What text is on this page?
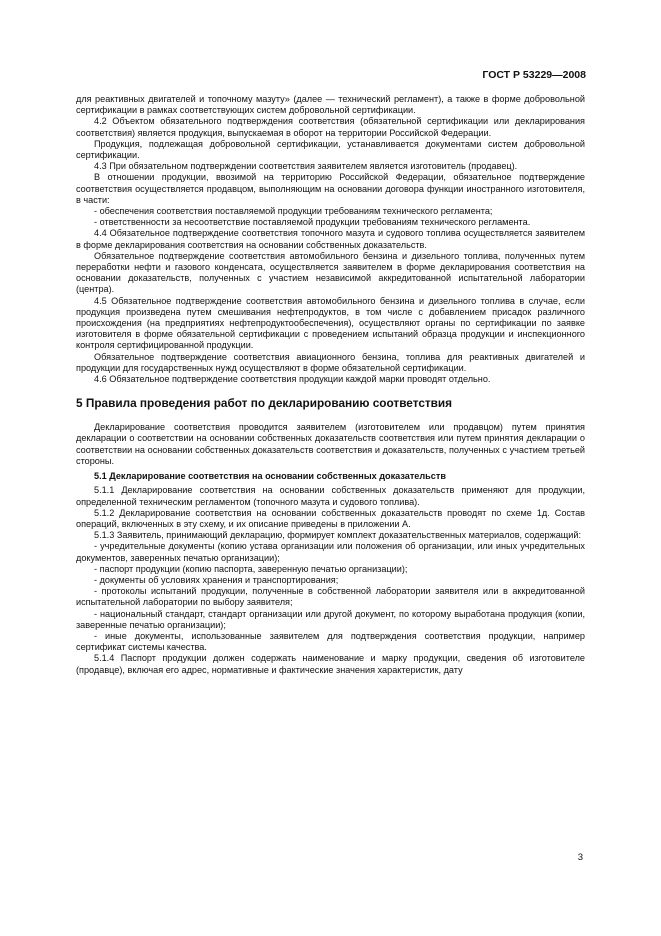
ГОСТ Р 53229—2008

для реактивных двигателей и топочному мазуту» (далее — технический регламент), а также в форме добровольной сертификации в рамках соответствующих систем добровольной сертификации.

4.2 Объектом обязательного подтверждения соответствия (обязательной сертификации или декларирования соответствия) является продукция, выпускаемая в оборот на территории Российской Федерации.

Продукция, подлежащая добровольной сертификации, устанавливается документами систем добровольной сертификации.

4.3 При обязательном подтверждении соответствия заявителем является изготовитель (продавец).

В отношении продукции, ввозимой на территорию Российской Федерации, обязательное подтверждение соответствия осуществляется продавцом, выполняющим на основании договора функции иностранного изготовителя, в части:

- обеспечения соответствия поставляемой продукции требованиям технического регламента;

- ответственности за несоответствие поставляемой продукции требованиям технического регламента.

4.4 Обязательное подтверждение соответствия топочного мазута и судового топлива осуществляется заявителем в форме декларирования соответствия на основании собственных доказательств.

Обязательное подтверждение соответствия автомобильного бензина и дизельного топлива, полученных путем переработки нефти и газового конденсата, осуществляется заявителем в форме декларирования соответствия на основании доказательств, полученных с участием независимой аккредитованной испытательной лаборатории (центра).

4.5 Обязательное подтверждение соответствия автомобильного бензина и дизельного топлива в случае, если продукция произведена путем смешивания нефтепродуктов, в том числе с добавлением присадок различного происхождения (на предприятиях нефтепродуктообеспечения), осуществляют органы по сертификации по заявке изготовителя в форме обязательной сертификации с проведением испытаний образца продукции и инспекционного контроля сертифицированной продукции.

Обязательное подтверждение соответствия авиационного бензина, топлива для реактивных двигателей и продукции для государственных нужд осуществляют в форме обязательной сертификации.

4.6 Обязательное подтверждение соответствия продукции каждой марки проводят отдельно.

5 Правила проведения работ по декларированию соответствия

Декларирование соответствия проводится заявителем (изготовителем или продавцом) путем принятия декларации о соответствии на основании собственных доказательств соответствия или путем принятия декларации о соответствии на основании собственных доказательств соответствия и доказательств, полученных с участием третьей стороны.

5.1 Декларирование соответствия на основании собственных доказательств

5.1.1 Декларирование соответствия на основании собственных доказательств применяют для продукции, определенной техническим регламентом (топочного мазута и судового топлива).

5.1.2 Декларирование соответствия на основании собственных доказательств проводят по схеме 1д. Состав операций, включенных в эту схему, и их описание приведены в приложении А.

5.1.3 Заявитель, принимающий декларацию, формирует комплект доказательственных материалов, содержащий:

- учредительные документы (копию устава организации или положения об организации, или иных учредительных документов, заверенных печатью организации);

- паспорт продукции (копию паспорта, заверенную печатью организации);

- документы об условиях хранения и транспортирования;

- протоколы испытаний продукции, полученные в собственной лаборатории заявителя или в аккредитованной испытательной лаборатории по выбору заявителя;

- национальный стандарт, стандарт организации или другой документ, по которому выработана продукция (копии, заверенные печатью организации);

- иные документы, использованные заявителем для подтверждения соответствия продукции, например сертификат системы качества.

5.1.4 Паспорт продукции должен содержать наименование и марку продукции, сведения об изготовителе (продавце), включая его адрес, нормативные и фактические значения характеристик, дату

3
